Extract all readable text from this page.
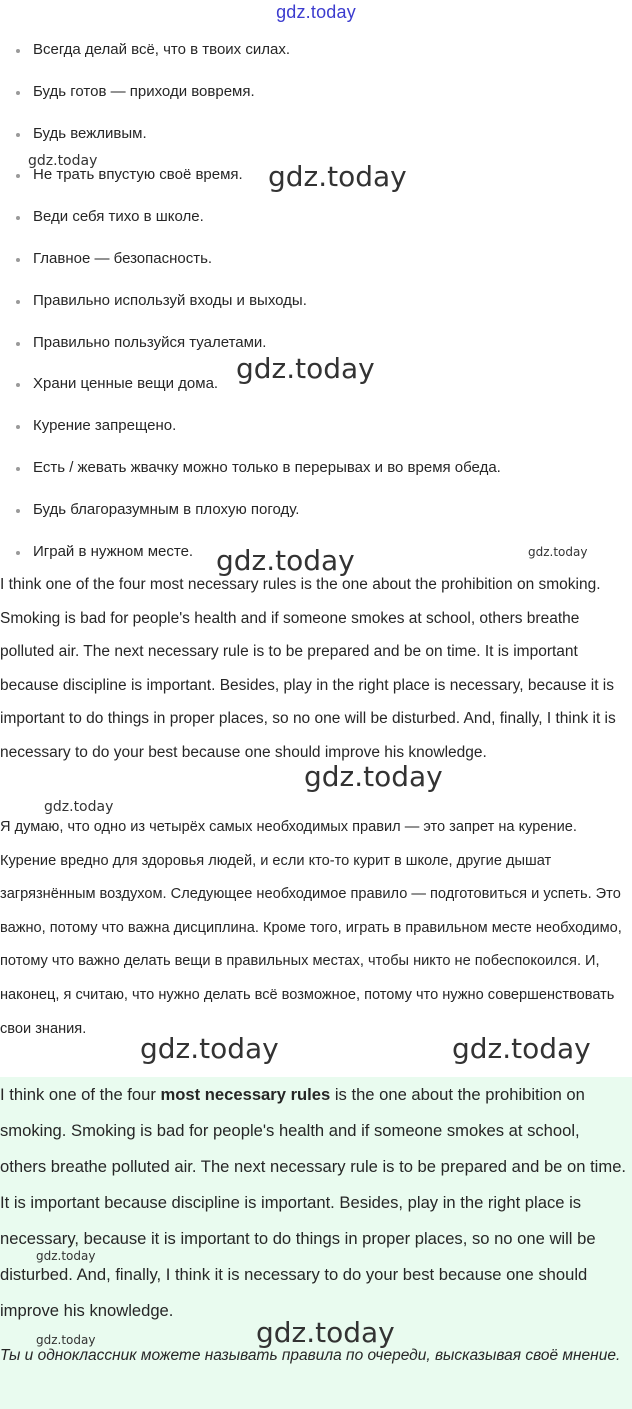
gdz.today
Всегда делай всё, что в твоих силах.
Будь готов — приходи вовремя.
Будь вежливым.
Не трать впустую своё время.
Веди себя тихо в школе.
Главное — безопасность.
Правильно используй входы и выходы.
Правильно пользуйся туалетами.
Храни ценные вещи дома.
Курение запрещено.
Есть / жевать жвачку можно только в перерывах и во время обеда.
Будь благоразумным в плохую погоду.
Играй в нужном месте.

I think one of the four most necessary rules is the one about the prohibition on smoking. Smoking is bad for people's health and if someone smokes at school, others breathe polluted air. The next necessary rule is to be prepared and be on time. It is important because discipline is important. Besides, play in the right place is necessary, because it is important to do things in proper places, so no one will be disturbed. And, finally, I think it is necessary to do your best because one should improve his knowledge.

Я думаю, что одно из четырёх самых необходимых правил — это запрет на курение. Курение вредно для здоровья людей, и если кто-то курит в школе, другие дышат загрязнённым воздухом. Следующее необходимое правило — подготовиться и успеть. Это важно, потому что важна дисциплина. Кроме того, играть в правильном месте необходимо, потому что важно делать вещи в правильных местах, чтобы никто не побеспокоился. И, наконец, я считаю, что нужно делать всё возможное, потому что нужно совершенствовать свои знания.

I think one of the four most necessary rules is the one about the prohibition on smoking. Smoking is bad for people's health and if someone smokes at school, others breathe polluted air. The next necessary rule is to be prepared and be on time. It is important because discipline is important. Besides, play in the right place is necessary, because it is important to do things in proper places, so no one will be disturbed. And, finally, I think it is necessary to do your best because one should improve his knowledge.

Ты и одноклассник можете называть правила по очереди, высказывая своё мнение.

gdz.today	gdz.today
gdz.today
gdz.today	gdz.today
gdz.today
gdz.today
gdz.today	gdz.today
gdz.today
gdz.today
gdz.today
